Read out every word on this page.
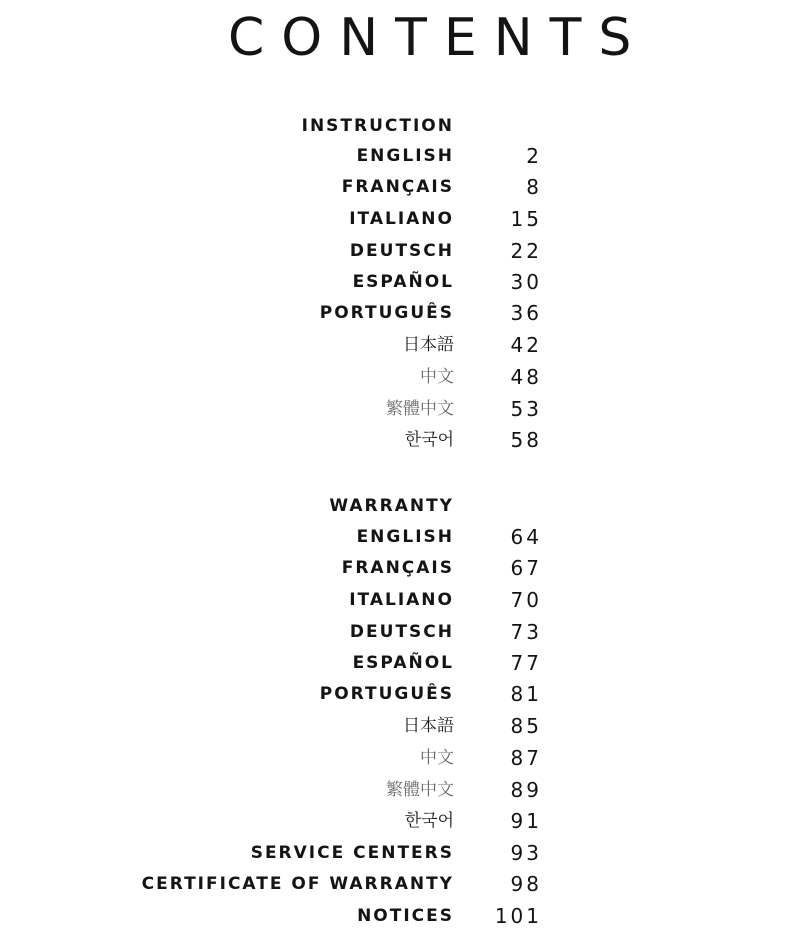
CONTENTS
INSTRUCTION
ENGLISH	2
FRANÇAIS	8
ITALIANO	15
DEUTSCH	22
ESPAÑOL	30
PORTUGUÊS	36
日本語	42
中文	48
繁體中文	53
한국어	58
WARRANTY
ENGLISH	64
FRANÇAIS	67
ITALIANO	70
DEUTSCH	73
ESPAÑOL	77
PORTUGUÊS	81
日本語	85
中文	87
繁體中文	89
한국어	91
SERVICE CENTERS	93
CERTIFICATE OF WARRANTY	98
NOTICES 101
